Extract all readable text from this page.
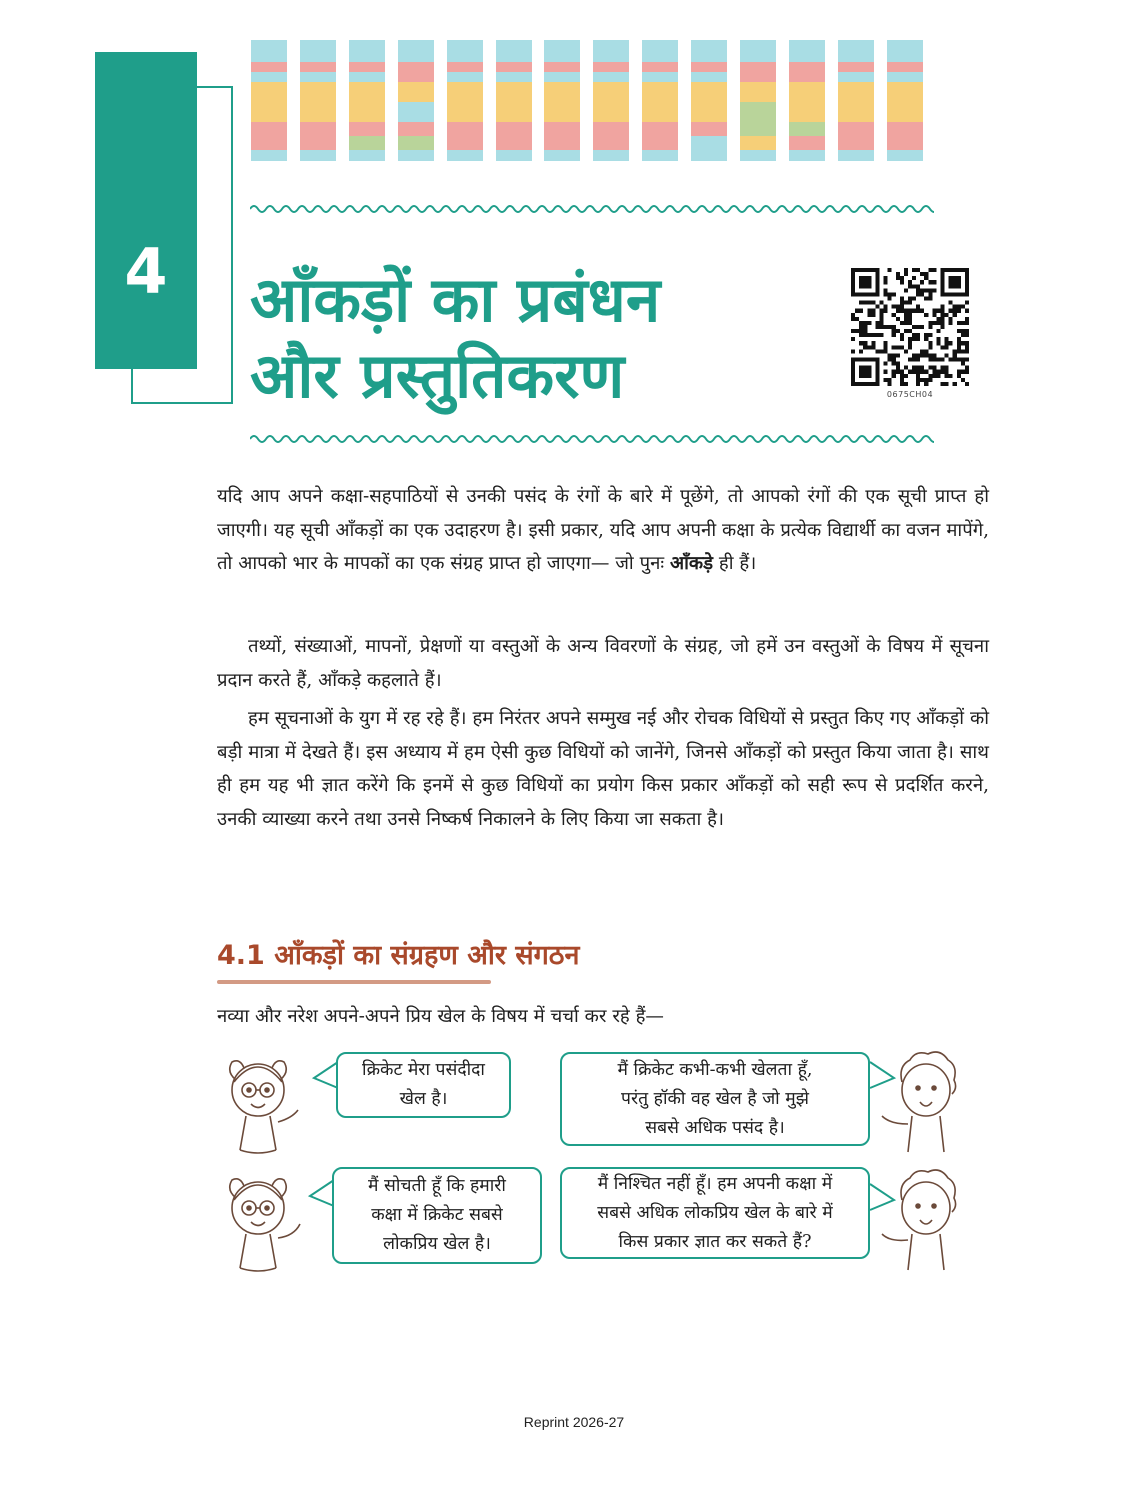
4	आँकड़ों का प्रबंधन
और प्रस्तुतिकरण	0675CH04

यदि आप अपने कक्षा-सहपाठियों से उनकी पसंद के रंगों के बारे में पूछेंगे, तो आपको रंगों की एक सूची प्राप्त हो जाएगी। यह सूची आँकड़ों का एक उदाहरण है। इसी प्रकार, यदि आप अपनी कक्षा के प्रत्येक विद्यार्थी का वजन मापेंगे, तो आपको भार के मापकों का एक संग्रह प्राप्त हो जाएगा— जो पुनः आँकड़े ही हैं।

तथ्यों, संख्याओं, मापनों, प्रेक्षणों या वस्तुओं के अन्य विवरणों के संग्रह, जो हमें उन वस्तुओं के विषय में सूचना प्रदान करते हैं, आँकड़े कहलाते हैं।

हम सूचनाओं के युग में रह रहे हैं। हम निरंतर अपने सम्मुख नई और रोचक विधियों से प्रस्तुत किए गए आँकड़ों को बड़ी मात्रा में देखते हैं। इस अध्याय में हम ऐसी कुछ विधियों को जानेंगे, जिनसे आँकड़ों को प्रस्तुत किया जाता है। साथ ही हम यह भी ज्ञात करेंगे कि इनमें से कुछ विधियों का प्रयोग किस प्रकार आँकड़ों को सही रूप से प्रदर्शित करने, उनकी व्याख्या करने तथा उनसे निष्कर्ष निकालने के लिए किया जा सकता है।

4.1 आँकड़ों का संग्रहण और संगठन

नव्या और नरेश अपने-अपने प्रिय खेल के विषय में चर्चा कर रहे हैं—

क्रिकेट मेरा पसंदीदा
खेल है।
मैं क्रिकेट कभी-कभी खेलता हूँ,
परंतु हॉकी वह खेल है जो मुझे
सबसे अधिक पसंद है।
मैं सोचती हूँ कि हमारी
कक्षा में क्रिकेट सबसे
लोकप्रिय खेल है।
मैं निश्चित नहीं हूँ। हम अपनी कक्षा में
सबसे अधिक लोकप्रिय खेल के बारे में
किस प्रकार ज्ञात कर सकते हैं?
Reprint 2026-27
